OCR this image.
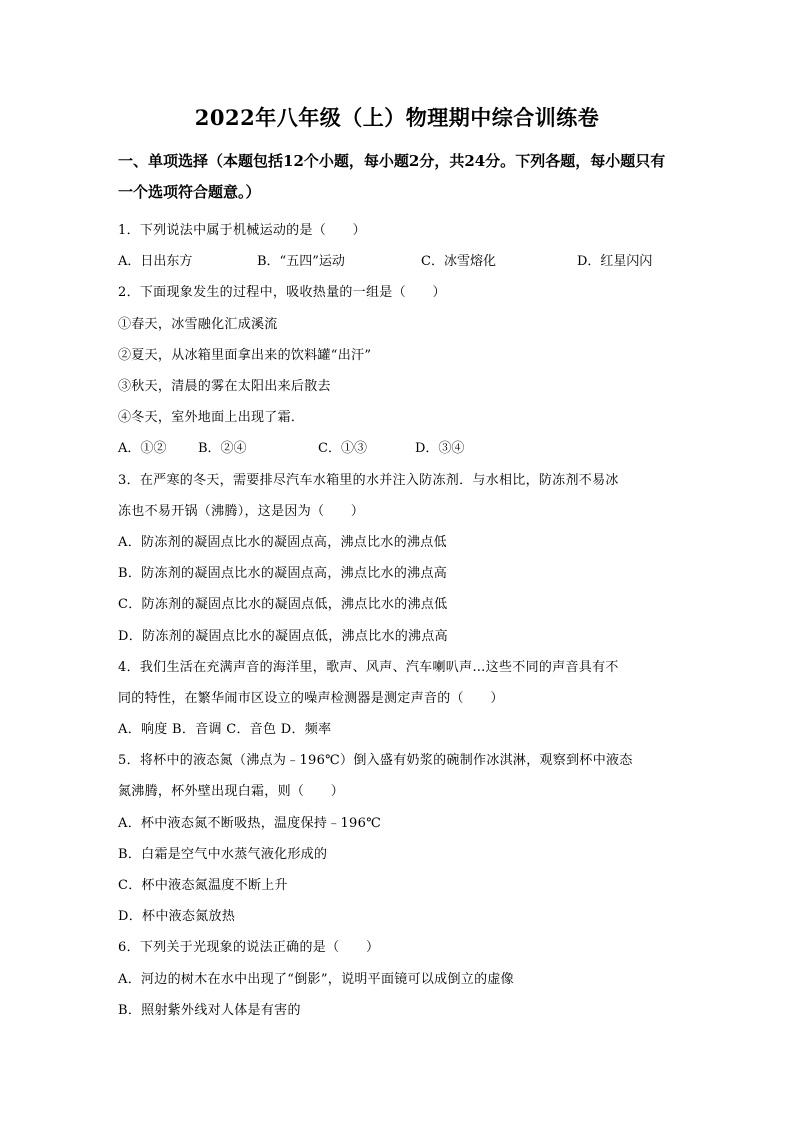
2022年八年级（上）物理期中综合训练卷
一、单项选择（本题包括12个小题，每小题2分，共24分。下列各题，每小题只有一个选项符合题意。）
1．下列说法中属于机械运动的是（　　）
A．日出东方	B．“五四”运动	C．冰雪熔化	D．红星闪闪
2．下面现象发生的过程中，吸收热量的一组是（　　）
①春天，冰雪融化汇成溪流
②夏天，从冰箱里面拿出来的饮料罐“出汗”
③秋天，清晨的雾在太阳出来后散去
④冬天，室外地面上出现了霜．
A．①② B．②④	C．①③	D．③④
3．在严寒的冬天，需要排尽汽车水箱里的水并注入防冻剂．与水相比，防冻剂不易冰
冻也不易开锅（沸腾），这是因为（　　）
A．防冻剂的凝固点比水的凝固点高，沸点比水的沸点低
B．防冻剂的凝固点比水的凝固点高，沸点比水的沸点高
C．防冻剂的凝固点比水的凝固点低，沸点比水的沸点低
D．防冻剂的凝固点比水的凝固点低，沸点比水的沸点高
4．我们生活在充满声音的海洋里，歌声、风声、汽车喇叭声…这些不同的声音具有不
同的特性，在繁华闹市区设立的噪声检测器是测定声音的（　　）
A．响度 B．音调 C．音色 D．频率
5．将杯中的液态氮（沸点为﹣196℃）倒入盛有奶浆的碗制作冰淇淋，观察到杯中液态
氮沸腾，杯外壁出现白霜，则（　　）
A．杯中液态氮不断吸热，温度保持﹣196℃
B．白霜是空气中水蒸气液化形成的
C．杯中液态氮温度不断上升
D．杯中液态氮放热
6．下列关于光现象的说法正确的是（　　）
A．河边的树木在水中出现了“倒影”，说明平面镜可以成倒立的虚像
B．照射紫外线对人体是有害的
